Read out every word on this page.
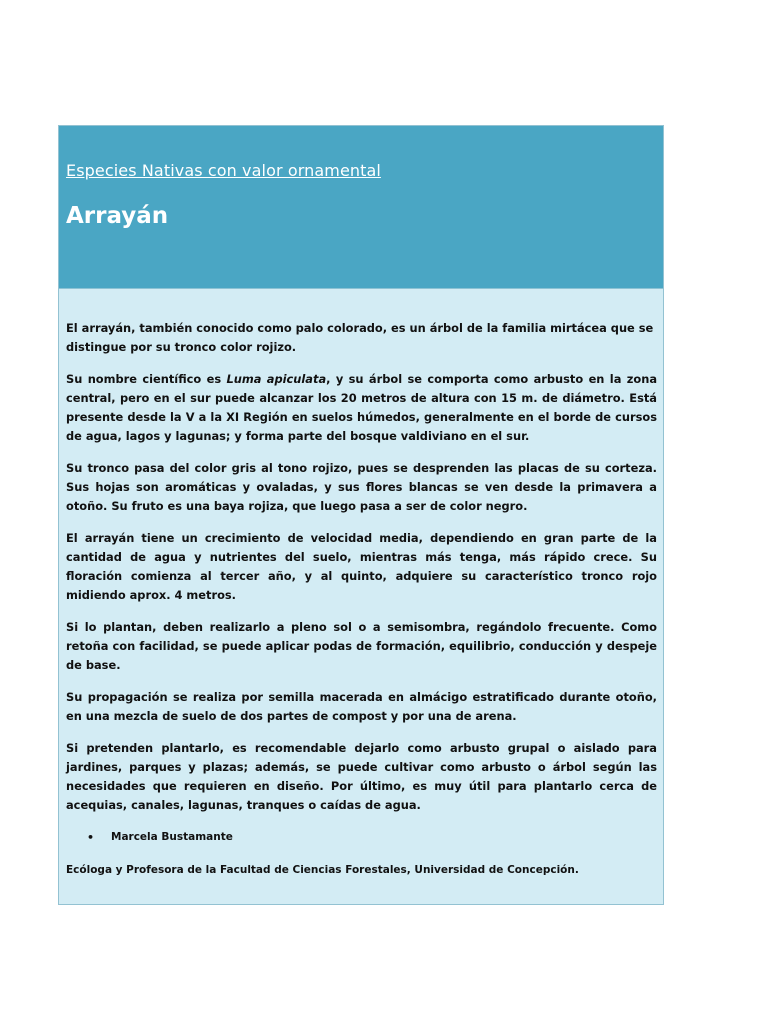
Especies Nativas con valor ornamental
Arrayán

El arrayán, también conocido como palo colorado, es un árbol de la familia mirtácea que se distingue por su tronco color rojizo.

Su nombre científico es Luma apiculata, y su árbol se comporta como arbusto en la zona central, pero en el sur puede alcanzar los 20 metros de altura con 15 m. de diámetro. Está presente desde la V a la XI Región en suelos húmedos, generalmente en el borde de cursos de agua, lagos y lagunas; y forma parte del bosque valdiviano en el sur.

Su tronco pasa del color gris al tono rojizo, pues se desprenden las placas de su corteza. Sus hojas son aromáticas y ovaladas, y sus flores blancas se ven desde la primavera a otoño. Su fruto es una baya rojiza, que luego pasa a ser de color negro.

El arrayán tiene un crecimiento de velocidad media, dependiendo en gran parte de la cantidad de agua y nutrientes del suelo, mientras más tenga, más rápido crece. Su floración comienza al tercer año, y al quinto, adquiere su característico tronco rojo midiendo aprox. 4 metros.

Si lo plantan, deben realizarlo a pleno sol o a semisombra, regándolo frecuente. Como retoña con facilidad, se puede aplicar podas de formación, equilibrio, conducción y despeje de base.

Su propagación se realiza por semilla macerada en almácigo estratificado durante otoño, en una mezcla de suelo de dos partes de compost y por una de arena.

Si pretenden plantarlo, es recomendable dejarlo como arbusto grupal o aislado para jardines, parques y plazas; además, se puede cultivar como arbusto o árbol según las necesidades que requieren en diseño. Por último, es muy útil para plantarlo cerca de acequias, canales, lagunas, tranques o caídas de agua.

•	Marcela Bustamante

Ecóloga y Profesora de la Facultad de Ciencias Forestales, Universidad de Concepción.
